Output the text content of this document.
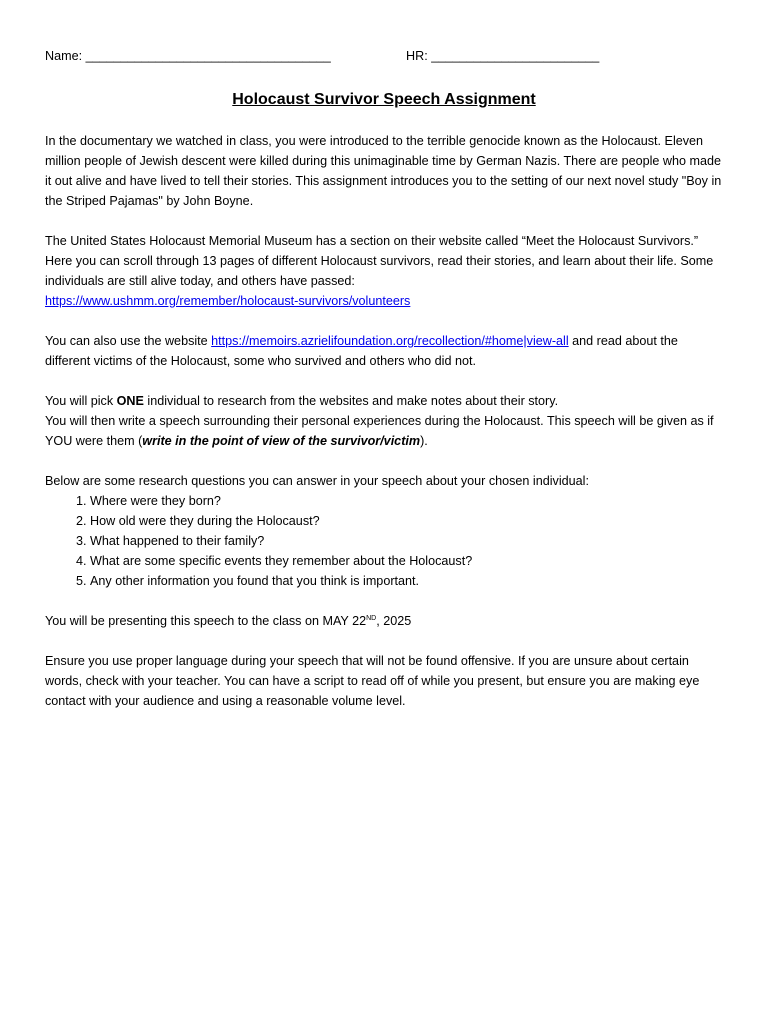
Name: ___________________________________	HR: ________________________
Holocaust Survivor Speech Assignment

In the documentary we watched in class, you were introduced to the terrible genocide known as the Holocaust. Eleven million people of Jewish descent were killed during this unimaginable time by German Nazis. There are people who made it out alive and have lived to tell their stories. This assignment introduces you to the setting of our next novel study "Boy in the Striped Pajamas" by John Boyne.

The United States Holocaust Memorial Museum has a section on their website called “Meet the Holocaust Survivors.” Here you can scroll through 13 pages of different Holocaust survivors, read their stories, and learn about their life. Some individuals are still alive today, and others have passed:
https://www.ushmm.org/remember/holocaust-survivors/volunteers

You can also use the website https://memoirs.azrielifoundation.org/recollection/#home|view-all and read about the different victims of the Holocaust, some who survived and others who did not.

You will pick ONE individual to research from the websites and make notes about their story.

You will then write a speech surrounding their personal experiences during the Holocaust. This speech will be given as if YOU were them (write in the point of view of the survivor/victim).

Below are some research questions you can answer in your speech about your chosen individual:

1. Where were they born?
2. How old were they during the Holocaust?
3. What happened to their family?
4. What are some specific events they remember about the Holocaust?
5. Any other information you found that you think is important.

You will be presenting this speech to the class on MAY 22ND, 2025

Ensure you use proper language during your speech that will not be found offensive. If you are unsure about certain words, check with your teacher. You can have a script to read off of while you present, but ensure you are making eye contact with your audience and using a reasonable volume level.
